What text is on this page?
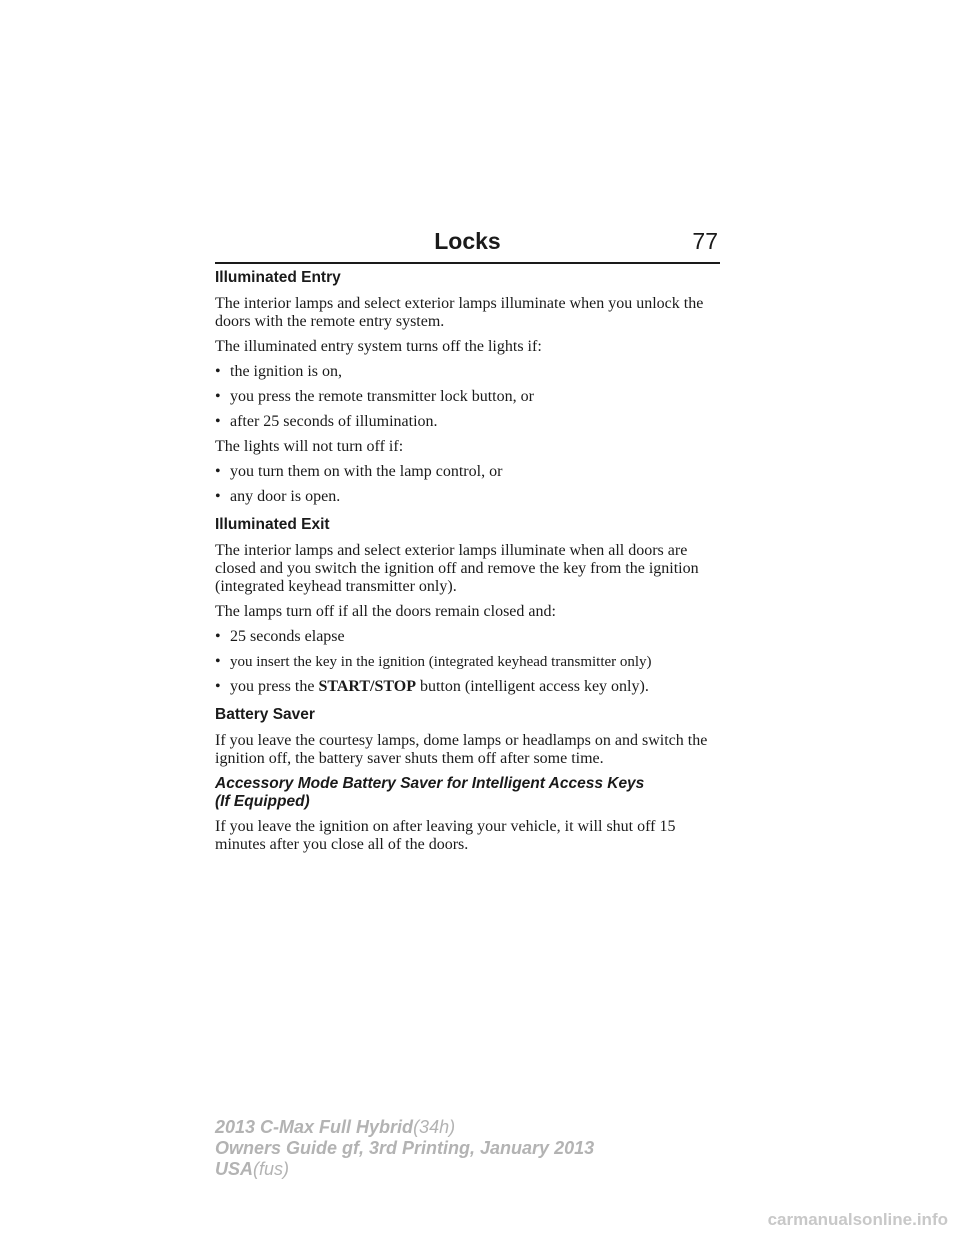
Locks	77
Illuminated Entry
The interior lamps and select exterior lamps illuminate when you unlock the doors with the remote entry system.
The illuminated entry system turns off the lights if:
• the ignition is on,
• you press the remote transmitter lock button, or
• after 25 seconds of illumination.
The lights will not turn off if:
• you turn them on with the lamp control, or
• any door is open.
Illuminated Exit
The interior lamps and select exterior lamps illuminate when all doors are closed and you switch the ignition off and remove the key from the ignition (integrated keyhead transmitter only).
The lamps turn off if all the doors remain closed and:
• 25 seconds elapse
• you insert the key in the ignition (integrated keyhead transmitter only)
• you press the START/STOP button (intelligent access key only).
Battery Saver
If you leave the courtesy lamps, dome lamps or headlamps on and switch the ignition off, the battery saver shuts them off after some time.
Accessory Mode Battery Saver for Intelligent Access Keys
(If Equipped)
If you leave the ignition on after leaving your vehicle, it will shut off 15 minutes after you close all of the doors.
2013 C-Max Full Hybrid(34h)
Owners Guide gf, 3rd Printing, January 2013
USA(fus)
carmanualsonline.info
